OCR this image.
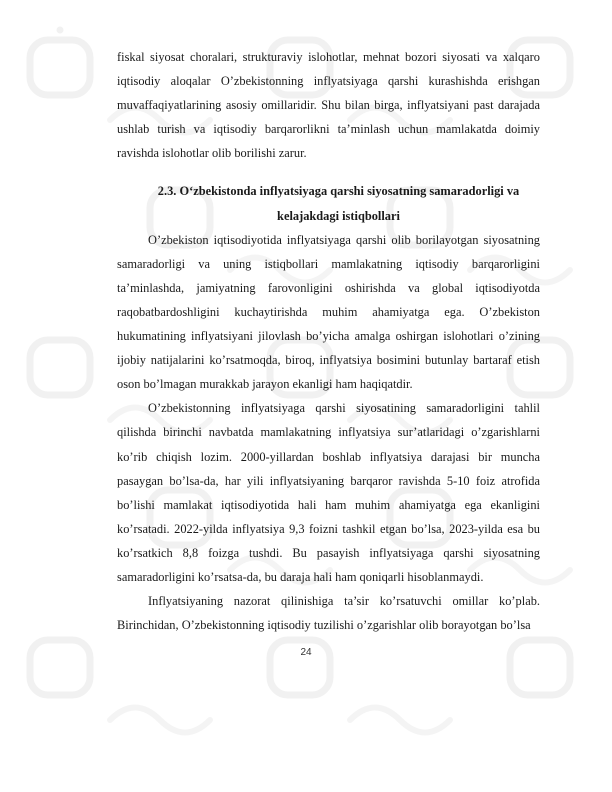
fiskal siyosat choralari, strukturaviy islohotlar, mehnat bozori siyosati va xalqaro iqtisodiy aloqalar O’zbekistonning inflyatsiyaga qarshi kurashishda erishgan muvaffaqiyatlarining asosiy omillaridir. Shu bilan birga, inflyatsiyani past darajada ushlab turish va iqtisodiy barqarorlikni ta’minlash uchun mamlakatda doimiy ravishda islohotlar olib borilishi zarur.

2.3. O‘zbekistonda inflyatsiyaga qarshi siyosatning samaradorligi va kelajakdagi istiqbollari

O’zbekiston iqtisodiyotida inflyatsiyaga qarshi olib borilayotgan siyosatning samaradorligi va uning istiqbollari mamlakatning iqtisodiy barqarorligini ta’minlashda, jamiyatning farovonligini oshirishda va global iqtisodiyotda raqobatbardoshligini kuchaytirishda muhim ahamiyatga ega. O’zbekiston hukumatining inflyatsiyani jilovlash bo’yicha amalga oshirgan islohotlari o’zining ijobiy natijalarini ko’rsatmoqda, biroq, inflyatsiya bosimini butunlay bartaraf etish oson bo’lmagan murakkab jarayon ekanligi ham haqiqatdir.

O’zbekistonning inflyatsiyaga qarshi siyosatining samaradorligini tahlil qilishda birinchi navbatda mamlakatning inflyatsiya sur’atlaridagi o’zgarishlarni ko’rib chiqish lozim. 2000-yillardan boshlab inflyatsiya darajasi bir muncha pasaygan bo’lsa-da, har yili inflyatsiyaning barqaror ravishda 5-10 foiz atrofida bo’lishi mamlakat iqtisodiyotida hali ham muhim ahamiyatga ega ekanligini ko’rsatadi. 2022-yilda inflyatsiya 9,3 foizni tashkil etgan bo’lsa, 2023-yilda esa bu ko’rsatkich 8,8 foizga tushdi. Bu pasayish inflyatsiyaga qarshi siyosatning samaradorligini ko’rsatsa-da, bu daraja hali ham qoniqarli hisoblanmaydi.

Inflyatsiyaning nazorat qilinishiga ta’sir ko’rsatuvchi omillar ko’plab. Birinchidan, O’zbekistonning iqtisodiy tuzilishi o’zgarishlar olib borayotgan bo’lsa

24
